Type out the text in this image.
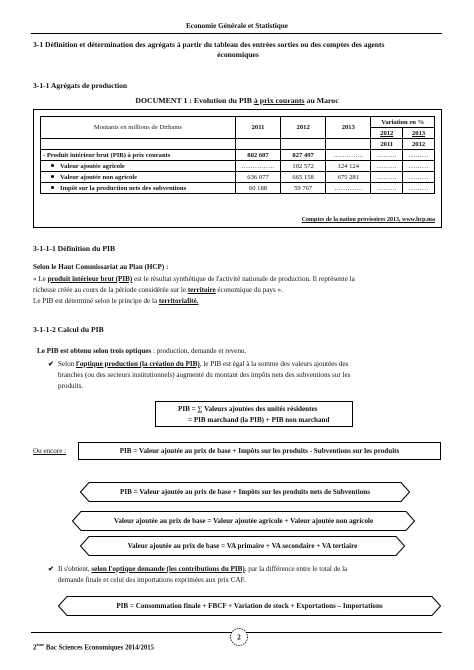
Economie Générale et Statistique
3-1 Définition et détermination des agrégats à partir du tableau des entrées sorties ou des comptes des agents
économiques
3-1-1 Agrégats de production
DOCUMENT 1 : Evolution du PIB à prix courants au Maroc
Montants en millions de Dirhams	2011	2012	2013	Variation en %	
				2012	2013
				2011	2012
- Produit intérieur brut (PIB) à prix courants	802 607	827 497	…………..	………	………
Valeur ajoutée agricole	……………	102 572	124 124	………	………
Valeur ajoutée non agricole	636 077	665 158	675 281	………	………
Impôt sur la production nets des subventions	60 188	59 767	………….	………	………
Comptes de la nation provisoires 2013, www.hcp.ma
3-1-1-1 Définition du PIB
Selon le Haut Commissariat au Plan (HCP) :
« Le produit intérieur brut (PIB) est le résultat synthétique de l'activité nationale de production. Il représente la
richesse créée au cours de la période considérée sur le territoire économique du pays ».
Le PIB est déterminé selon le principe de la territorialité.
3-1-1-2 Calcul du PIB
Le PIB est obtenu selon trois optiques : production, demande et revenu.
✔ Selon l'optique production (la création du PIB), le PIB est égal à la somme des valeurs ajoutées des
branches (ou des secteurs institutionnels) augmenté du montant des impôts nets des subventions sur les
produits.
PIB = ∑ Valeurs ajoutées des unités résidentes
= PIB marchand (la PIB) + PIB non marchand
Ou encore :	PIB = Valeur ajoutée au prix de base + Impôts sur les produits - Subventions sur les produits
PIB = Valeur ajoutée au prix de base + Impôts sur les produits nets de Subventions
Valeur ajoutée au prix de base = Valeur ajoutée agricole + Valeur ajoutée non agricole
Valeur ajoutée au prix de base = VA primaire + VA secondaire + VA tertiaire
✔ Il s'obtient, selon l'optique demande (les contributions du PIB), par la différence entre le total de la
demande finale et celui des importations exprimées aux prix CAF.
PIB = Consommation finale + FBCF + Variation de stock + Exportations – Importations
2
2ème Bac Sciences Economiques 2014/2015
